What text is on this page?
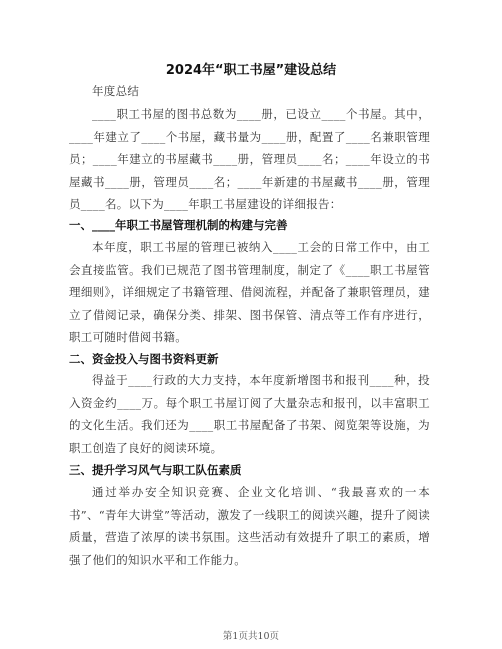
2024年“职工书屋”建设总结

年度总结

____职工书屋的图书总数为____册，已设立____个书屋。其中，____年建立了____个书屋，藏书量为____册，配置了____名兼职管理员；____年建立的书屋藏书____册，管理员____名；____年设立的书屋藏书____册，管理员____名；____年新建的书屋藏书____册，管理员____名。以下为____年职工书屋建设的详细报告：

一、____年职工书屋管理机制的构建与完善

本年度，职工书屋的管理已被纳入____工会的日常工作中，由工会直接监管。我们已规范了图书管理制度，制定了《____职工书屋管理细则》，详细规定了书籍管理、借阅流程，并配备了兼职管理员，建立了借阅记录，确保分类、排架、图书保管、清点等工作有序进行，职工可随时借阅书籍。

二、资金投入与图书资料更新

得益于____行政的大力支持，本年度新增图书和报刊____种，投入资金约____万。每个职工书屋订阅了大量杂志和报刊，以丰富职工的文化生活。我们还为____职工书屋配备了书架、阅览架等设施，为职工创造了良好的阅读环境。

三、提升学习风气与职工队伍素质

通过举办安全知识竞赛、企业文化培训、“我最喜欢的一本书”、“青年大讲堂”等活动，激发了一线职工的阅读兴趣，提升了阅读质量，营造了浓厚的读书氛围。这些活动有效提升了职工的素质，增强了他们的知识水平和工作能力。

第1页共10页
